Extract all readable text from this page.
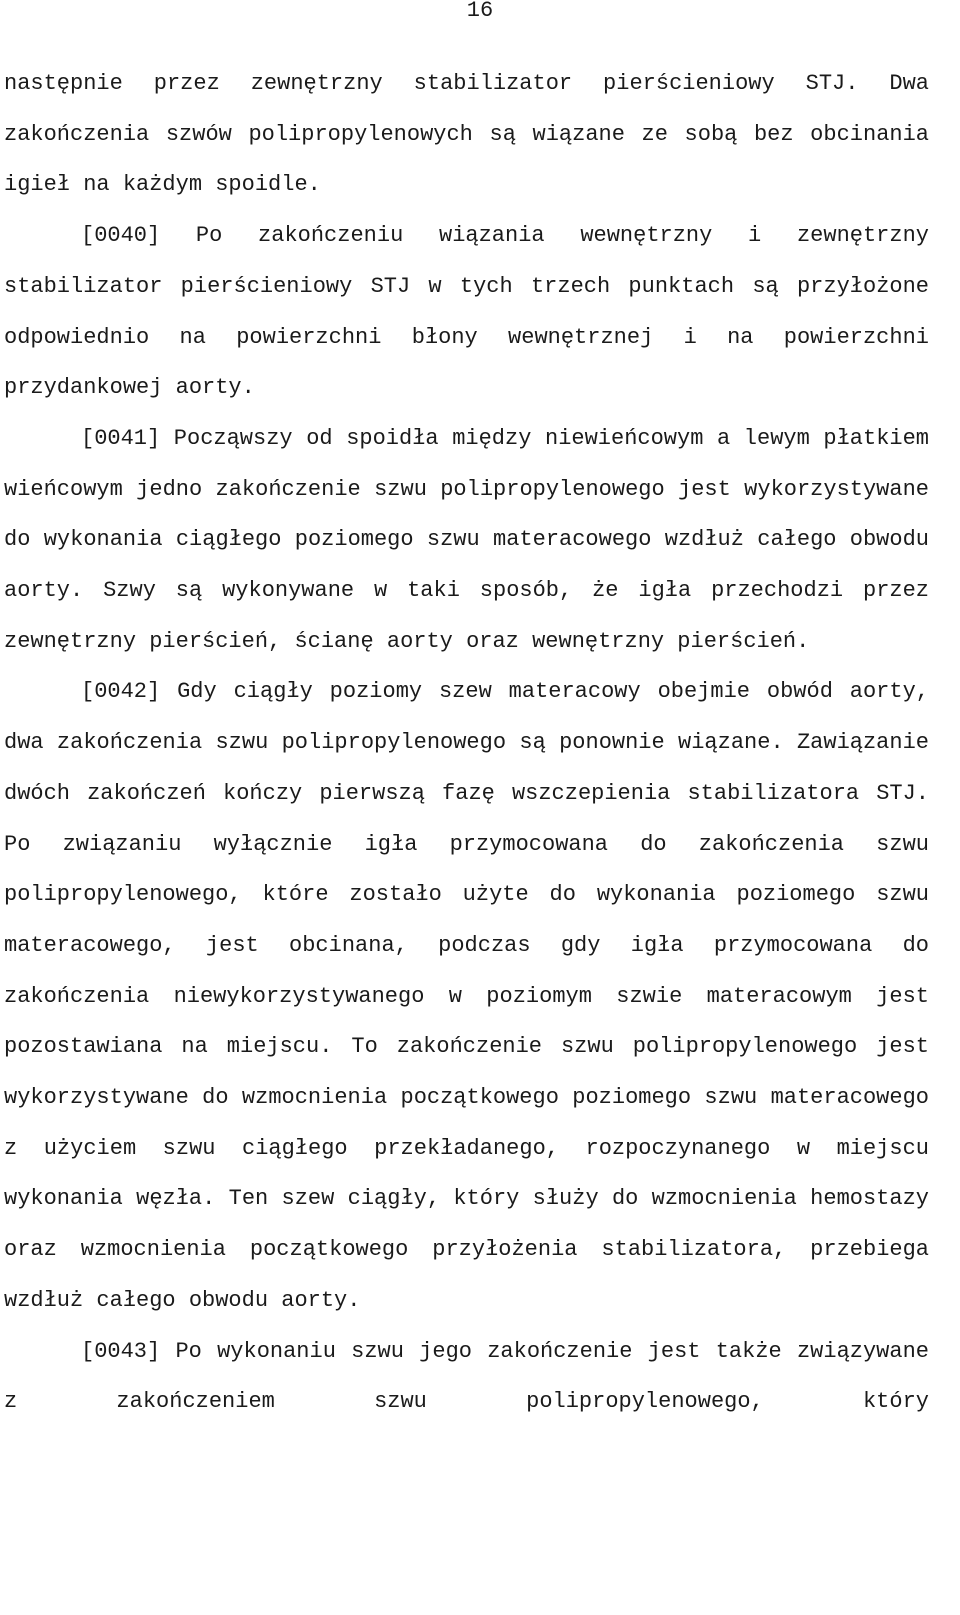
16

następnie przez zewnętrzny stabilizator pierścieniowy STJ. Dwa zakończenia szwów polipropylenowych są wiązane ze sobą bez obcinania igieł na każdym spoidle.

[0040] Po zakończeniu wiązania wewnętrzny i zewnętrzny stabilizator pierścieniowy STJ w tych trzech punktach są przyłożone odpowiednio na powierzchni błony wewnętrznej i na powierzchni przydankowej aorty.

[0041] Począwszy od spoidła między niewieńcowym a lewym płatkiem wieńcowym jedno zakończenie szwu polipropylenowego jest wykorzystywane do wykonania ciągłego poziomego szwu materacowego wzdłuż całego obwodu aorty. Szwy są wykonywane w taki sposób, że igła przechodzi przez zewnętrzny pierścień, ścianę aorty oraz wewnętrzny pierścień.

[0042] Gdy ciągły poziomy szew materacowy obejmie obwód aorty, dwa zakończenia szwu polipropylenowego są ponownie wiązane. Zawiązanie dwóch zakończeń kończy pierwszą fazę wszczepienia stabilizatora STJ. Po związaniu wyłącznie igła przymocowana do zakończenia szwu polipropylenowego, które zostało użyte do wykonania poziomego szwu materacowego, jest obcinana, podczas gdy igła przymocowana do zakończenia niewykorzystywanego w poziomym szwie materacowym jest pozostawiana na miejscu. To zakończenie szwu polipropylenowego jest wykorzystywane do wzmocnienia początkowego poziomego szwu materacowego z użyciem szwu ciągłego przekładanego, rozpoczynanego w miejscu wykonania węzła. Ten szew ciągły, który służy do wzmocnienia hemostazy oraz wzmocnienia początkowego przyłożenia stabilizatora, przebiega wzdłuż całego obwodu aorty.

[0043] Po wykonaniu szwu jego zakończenie jest także związywane z zakończeniem szwu polipropylenowego, który
